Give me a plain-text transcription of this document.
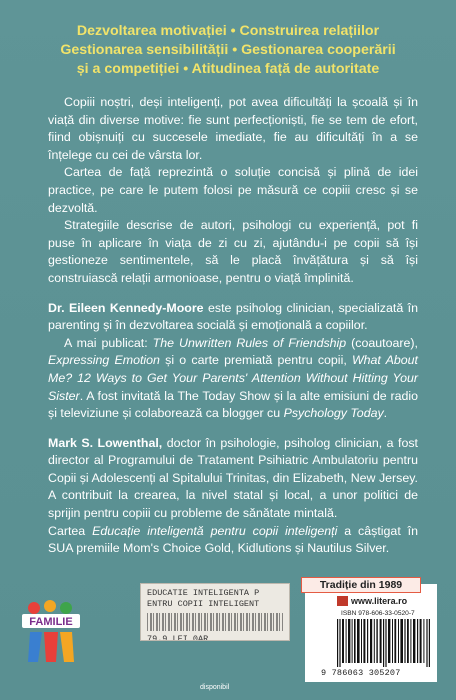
Dezvoltarea motivației • Construirea relațiilor
Gestionarea sensibilității • Gestionarea cooperării
și a competiției • Atitudinea față de autoritate

Copiii noștri, deși inteligenți, pot avea dificultăți la școală și în viață din diverse motive: fie sunt perfecționiști, fie se tem de efort, fiind obișnuiți cu succesele imediate, fie au dificultăți în a se înțelege cu cei de vârsta lor.

Cartea de față reprezintă o soluție concisă și plină de idei practice, pe care le putem folosi pe măsură ce copiii cresc și se dezvoltă.

Strategiile descrise de autori, psihologi cu experiență, pot fi puse în aplicare în viața de zi cu zi, ajutându-i pe copii să își gestioneze sentimentele, să le placă învățătura și să își construiască relații armonioase, pentru o viață împlinită.

Dr. Eileen Kennedy-Moore este psiholog clinician, specializată în parenting și în dezvoltarea socială și emoțională a copiilor.

A mai publicat: The Unwritten Rules of Friendship (coautoare), Expressing Emotion și o carte premiată pentru copii, What About Me? 12 Ways to Get Your Parents' Attention Without Hitting Your Sister. A fost invitată la The Today Show și la alte emisiuni de radio și televiziune și colaborează ca blogger cu Psychology Today.

Mark S. Lowenthal, doctor în psihologie, psiholog clinician, a fost director al Programului de Tratament Psihiatric Ambulatoriu pentru Copii și Adolescenți al Spitalului Trinitas, din Elizabeth, New Jersey. A contribuit la crearea, la nivel statal și local, a unor politici de sprijin pentru copiii cu probleme de sănătate mintală.

Cartea Educație inteligentă pentru copii inteligenți a câștigat în SUA premiile Mom's Choice Gold, Kidlutions și Nautilus Silver.

FAMILIE
EDUCATIE INTELIGENTA P
ENTRU COPII INTELIGENT
79.9 LEI 0AR
disponibil
Tradiție din 1989
www.litera.ro
ISBN 978-606-33-0520-7
9 786063 305207
